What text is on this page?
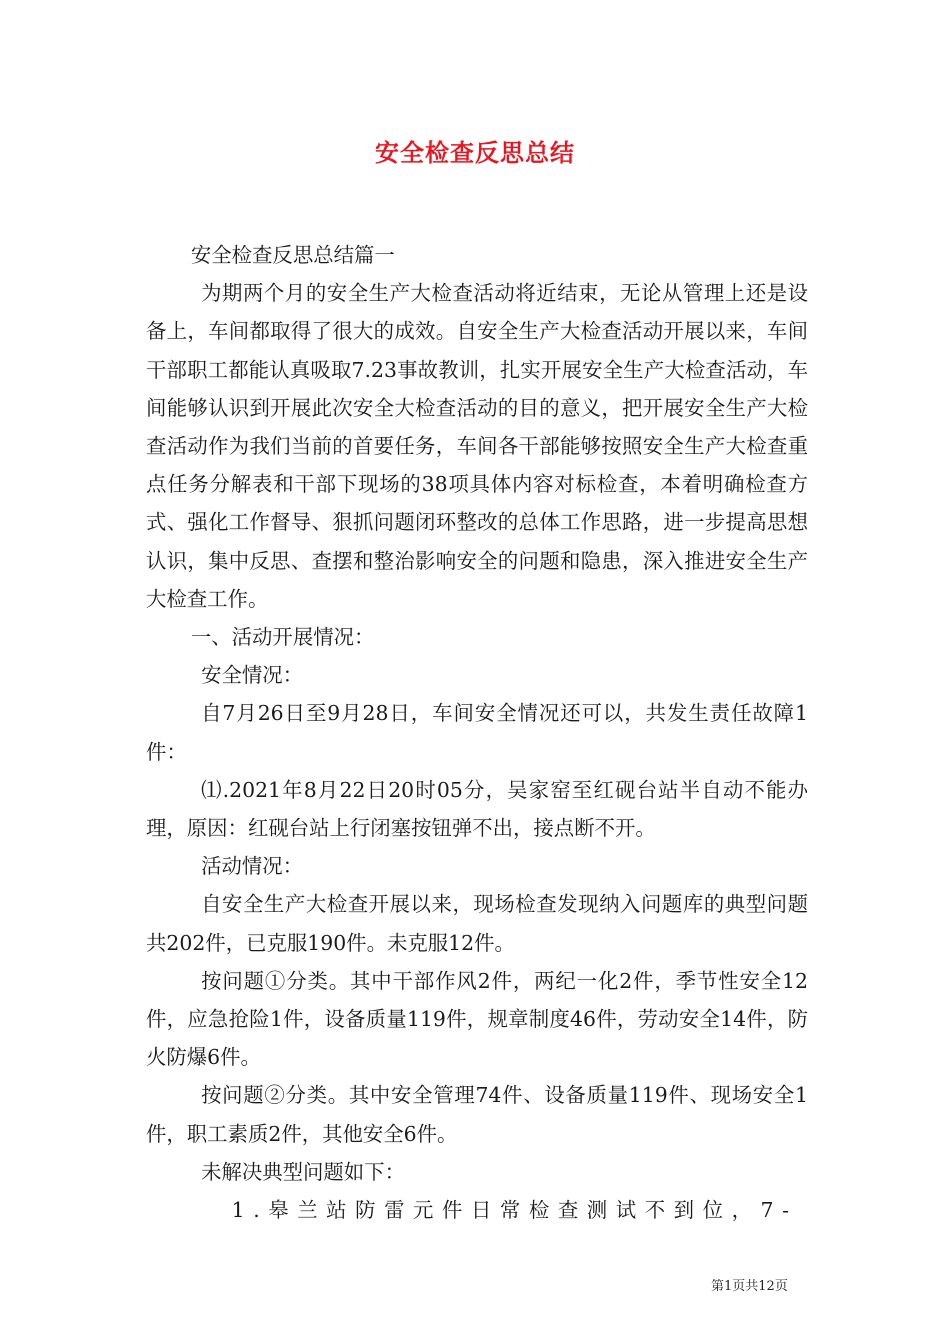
安全检查反思总结

安全检查反思总结篇一

为期两个月的安全生产大检查活动将近结束，无论从管理上还是设备上，车间都取得了很大的成效。自安全生产大检查活动开展以来，车间干部职工都能认真吸取7.23事故教训，扎实开展安全生产大检查活动，车间能够认识到开展此次安全大检查活动的目的意义，把开展安全生产大检查活动作为我们当前的首要任务，车间各干部能够按照安全生产大检查重点任务分解表和干部下现场的38项具体内容对标检查，本着明确检查方式、强化工作督导、狠抓问题闭环整改的总体工作思路，进一步提高思想认识，集中反思、查摆和整治影响安全的问题和隐患，深入推进安全生产大检查工作。

一、活动开展情况：

安全情况：

自7月26日至9月28日，车间安全情况还可以，共发生责任故障1件：

⑴.2021年8月22日20时05分，吴家窑至红砚台站半自动不能办理，原因：红砚台站上行闭塞按钮弹不出，接点断不开。

活动情况：

自安全生产大检查开展以来，现场检查发现纳入问题库的典型问题共202件，已克服190件。未克服12件。

按问题①分类。其中干部作风2件，两纪一化2件，季节性安全12件，应急抢险1件，设备质量119件，规章制度46件，劳动安全14件，防火防爆6件。

按问题②分类。其中安全管理74件、设备质量119件、现场安全1件，职工素质2件，其他安全6件。

未解决典型问题如下：

1.皋兰站防雷元件日常检查测试不到位，7-

第1页共12页
